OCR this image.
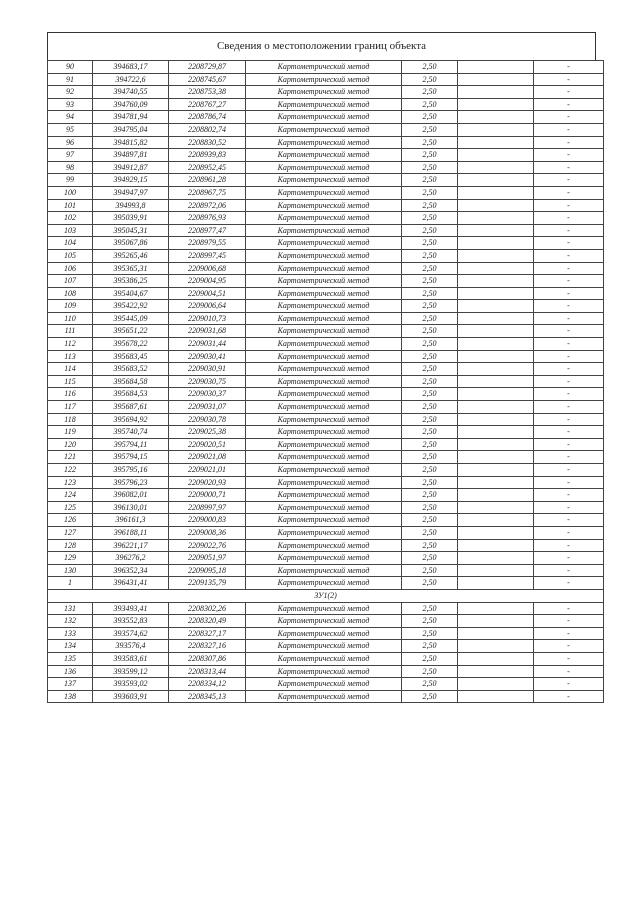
Сведения о местоположении границ объекта
90	394683,17	2208729,87	Картометрический метод	2,50		-
91	394722,6	2208745,67	Картометрический метод	2,50		-
92	394740,55	2208753,38	Картометрический метод	2,50		-
93	394760,09	2208767,27	Картометрический метод	2,50		-
94	394781,94	2208786,74	Картометрический метод	2,50		-
95	394795,04	2208802,74	Картометрический метод	2,50		-
96	394815,82	2208830,52	Картометрический метод	2,50		-
97	394897,81	2208939,83	Картометрический метод	2,50		-
98	394912,87	2208952,45	Картометрический метод	2,50		-
99	394929,15	2208961,28	Картометрический метод	2,50		-
100	394947,97	2208967,75	Картометрический метод	2,50		-
101	394993,8	2208972,06	Картометрический метод	2,50		-
102	395039,91	2208976,93	Картометрический метод	2,50		-
103	395045,31	2208977,47	Картометрический метод	2,50		-
104	395067,86	2208979,55	Картометрический метод	2,50		-
105	395265,46	2208997,45	Картометрический метод	2,50		-
106	395365,31	2209006,68	Картометрический метод	2,50		-
107	395386,25	2209004,95	Картометрический метод	2,50		-
108	395404,67	2209004,51	Картометрический метод	2,50		-
109	395422,92	2209006,64	Картометрический метод	2,50		-
110	395445,09	2209010,73	Картометрический метод	2,50		-
111	395651,22	2209031,68	Картометрический метод	2,50		-
112	395678,22	2209031,44	Картометрический метод	2,50		-
113	395683,45	2209030,41	Картометрический метод	2,50		-
114	395683,52	2209030,91	Картометрический метод	2,50		-
115	395684,58	2209030,75	Картометрический метод	2,50		-
116	395684,53	2209030,37	Картометрический метод	2,50		-
117	395687,61	2209031,07	Картометрический метод	2,50		-
118	395694,92	2209030,78	Картометрический метод	2,50		-
119	395740,74	2209025,38	Картометрический метод	2,50		-
120	395794,11	2209020,51	Картометрический метод	2,50		-
121	395794,15	2209021,08	Картометрический метод	2,50		-
122	395795,16	2209021,01	Картометрический метод	2,50		-
123	395796,23	2209020,93	Картометрический метод	2,50		-
124	396082,01	2209000,71	Картометрический метод	2,50		-
125	396130,01	2208997,97	Картометрический метод	2,50		-
126	396161,3	2209000,83	Картометрический метод	2,50		-
127	396188,11	2209008,36	Картометрический метод	2,50		-
128	396221,17	2209022,76	Картометрический метод	2,50		-
129	396276,2	2209051,97	Картометрический метод	2,50		-
130	396352,34	2209095,18	Картометрический метод	2,50		-
1	396431,41	2209135,79	Картометрический метод	2,50		-
ЗУ1(2)						
131	393493,41	2208302,26	Картометрический метод	2,50		-
132	393552,83	2208320,49	Картометрический метод	2,50		-
133	393574,62	2208327,17	Картометрический метод	2,50		-
134	393576,4	2208327,16	Картометрический метод	2,50		-
135	393583,61	2208307,86	Картометрический метод	2,50		-
136	393599,12	2208313,44	Картометрический метод	2,50		-
137	393593,02	2208334,12	Картометрический метод	2,50		-
138	393603,91	2208345,13	Картометрический метод	2,50		-
